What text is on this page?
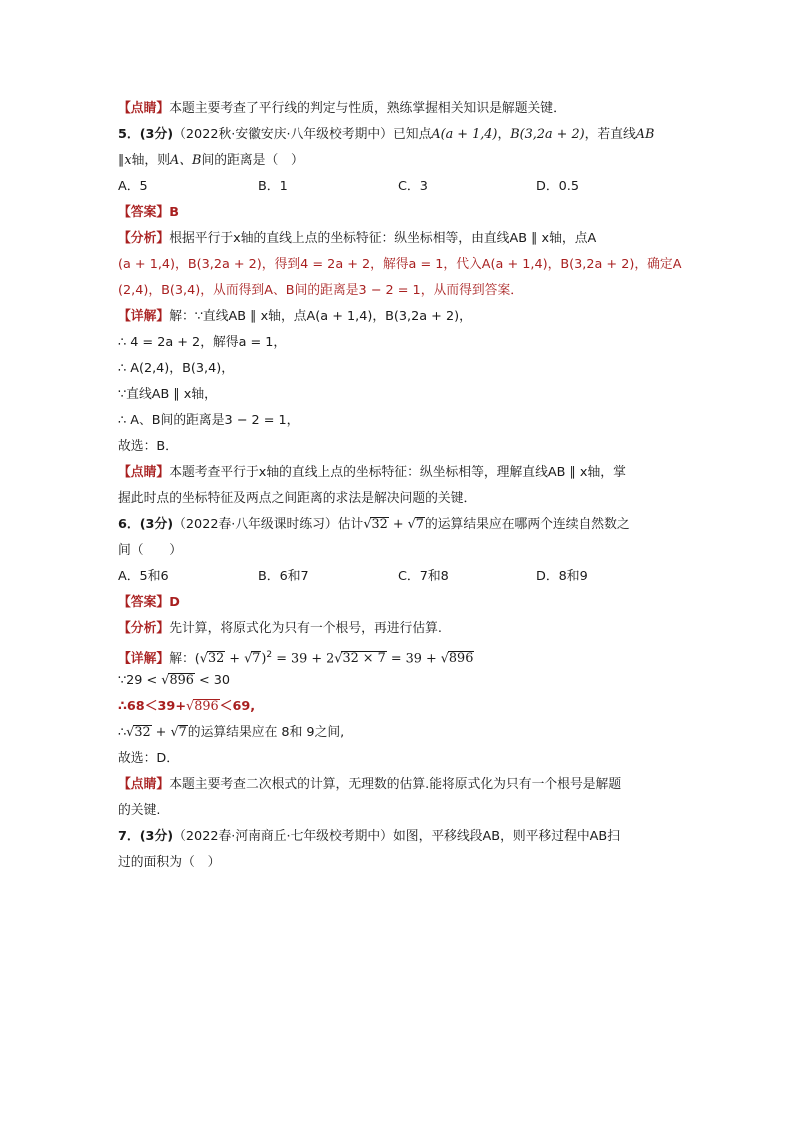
【点睛】本题主要考查了平行线的判定与性质，熟练掌握相关知识是解题关键．
5．(3分)（2022秋·安徽安庆·八年级校考期中）已知点A(a + 1,4)，B(3,2a + 2)，若直线AB
∥x轴，则A、B间的距离是（　）
A．5	B．1	C．3	D．0.5
【答案】B
【分析】根据平行于x轴的直线上点的坐标特征：纵坐标相等，由直线AB ∥ x轴，点A
(a + 1,4)，B(3,2a + 2)，得到4 = 2a + 2，解得a = 1，代入A(a + 1,4)，B(3,2a + 2)，确定A
(2,4)，B(3,4)，从而得到A、B间的距离是3 − 2 = 1，从而得到答案．
【详解】解：∵直线AB ∥ x轴，点A(a + 1,4)，B(3,2a + 2)，
∴ 4 = 2a + 2，解得a = 1，
∴ A(2,4)，B(3,4)，
∵直线AB ∥ x轴，
∴ A、B间的距离是3 − 2 = 1，
故选：B．
【点睛】本题考查平行于x轴的直线上点的坐标特征：纵坐标相等，理解直线AB ∥ x轴，掌
握此时点的坐标特征及两点之间距离的求法是解决问题的关键．
6．(3分)（2022春·八年级课时练习）估计√32 + √7的运算结果应在哪两个连续自然数之
间（　　）
A．5和6	B．6和7	C．7和8	D．8和9
【答案】D
【分析】先计算，将原式化为只有一个根号，再进行估算.
【详解】解：$(√32 + √7)^2 = 39 + 2√32 \times 7 = 39 + √896$
∵29 < √896 < 30
∴68＜39+√896＜69,
∴√32 + √7的运算结果应在 8和 9之间,
故选：D．
【点睛】本题主要考查二次根式的计算，无理数的估算.能将原式化为只有一个根号是解题
的关键.
7．(3分)（2022春·河南商丘·七年级校考期中）如图，平移线段AB，则平移过程中AB扫
过的面积为（　）
